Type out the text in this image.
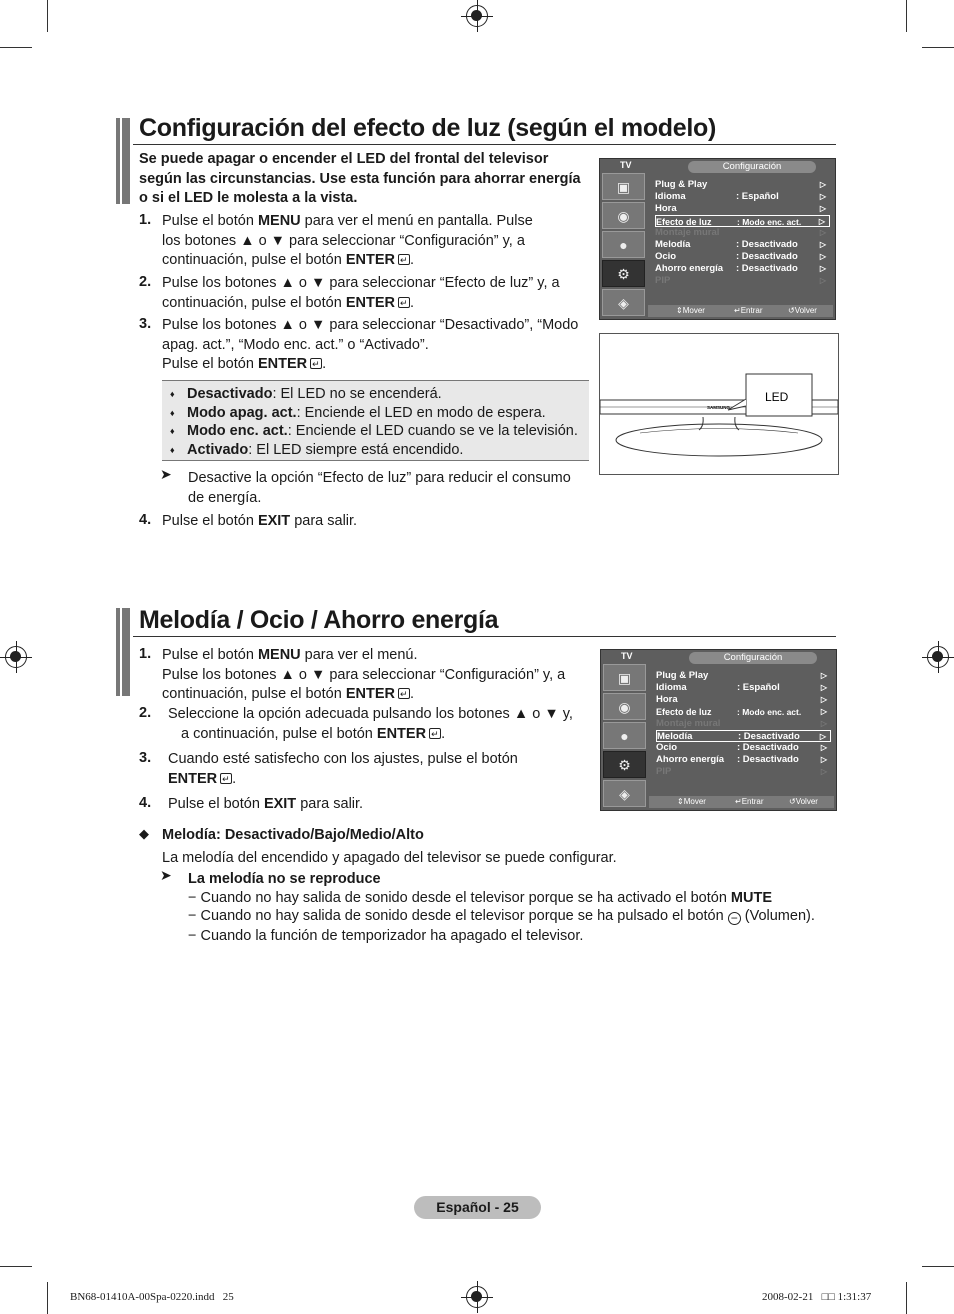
Configuración del efecto de luz (según el modelo)
Se puede apagar o encender el LED del frontal del televisor
según las circunstancias. Use esta función para ahorrar energía
o si el LED le molesta a la vista.
1. Pulse el botón MENU para ver el menú en pantalla. Pulse
los botones ▲ o ▼ para seleccionar “Configuración” y, a
continuación, pulse el botón ENTER ↵ .
2. Pulse los botones ▲ o ▼ para seleccionar “Efecto de luz” y, a
continuación, pulse el botón ENTER ↵ .
3. Pulse los botones ▲ o ▼ para seleccionar “Desactivado”, “Modo
apag. act.”, “Modo enc. act.” o “Activado”.
Pulse el botón ENTER ↵ .
♦ Desactivado: El LED no se encenderá.
♦ Modo apag. act.: Enciende el LED en modo de espera.
♦ Modo enc. act.: Enciende el LED cuando se ve la televisión.
♦ Activado: El LED siempre está encendido.
➤ Desactive la opción “Efecto de luz” para reducir el consumo
de energía.
4. Pulse el botón EXIT para salir.
TV	Configuración
▣
◉
●
⚙
◈
Plug & Play	▷
Idioma	: Español	▷
Hora	▷
Efecto de luz	: Modo enc. act. ▷
Montaje mural	▷
Melodía	: Desactivado	▷
Ocio	: Desactivado	▷
Ahorro energía : Desactivado	▷
PIP	▷
⇕ Mover	↵ Entrar	↺ Volver
SAMSUNG
LED
Melodía / Ocio / Ahorro energía
1. Pulse el botón MENU para ver el menú.
Pulse los botones ▲ o ▼ para seleccionar “Configuración” y, a
continuación, pulse el botón ENTER ↵ .
2. Seleccione la opción adecuada pulsando los botones ▲ o ▼ y,
a continuación, pulse el botón ENTER ↵ .
3. Cuando esté satisfecho con los ajustes, pulse el botón
ENTER ↵ .
4. Pulse el botón EXIT para salir.
TV	Configuración
▣
◉
●
⚙
◈
Plug & Play	▷
Idioma	: Español	▷
Hora	▷
Efecto de luz	: Modo enc. act. ▷
Montaje mural	▷
Melodía	: Desactivado	▷
Ocio	: Desactivado	▷
Ahorro energía : Desactivado	▷
PIP	▷
⇕ Mover	↵ Entrar	↺ Volver
◆ Melodía: Desactivado/Bajo/Medio/Alto
La melodía del encendido y apagado del televisor se puede configurar.
➤ La melodía no se reproduce
− Cuando no hay salida de sonido desde el televisor porque se ha activado el botón MUTE
− Cuando no hay salida de sonido desde el televisor porque se ha pulsado el botón − (Volumen).
− Cuando la función de temporizador ha apagado el televisor.
Español - 25
BN68-01410A-00Spa-0220.indd   25	2008-02-21   □□ 1:31:37
